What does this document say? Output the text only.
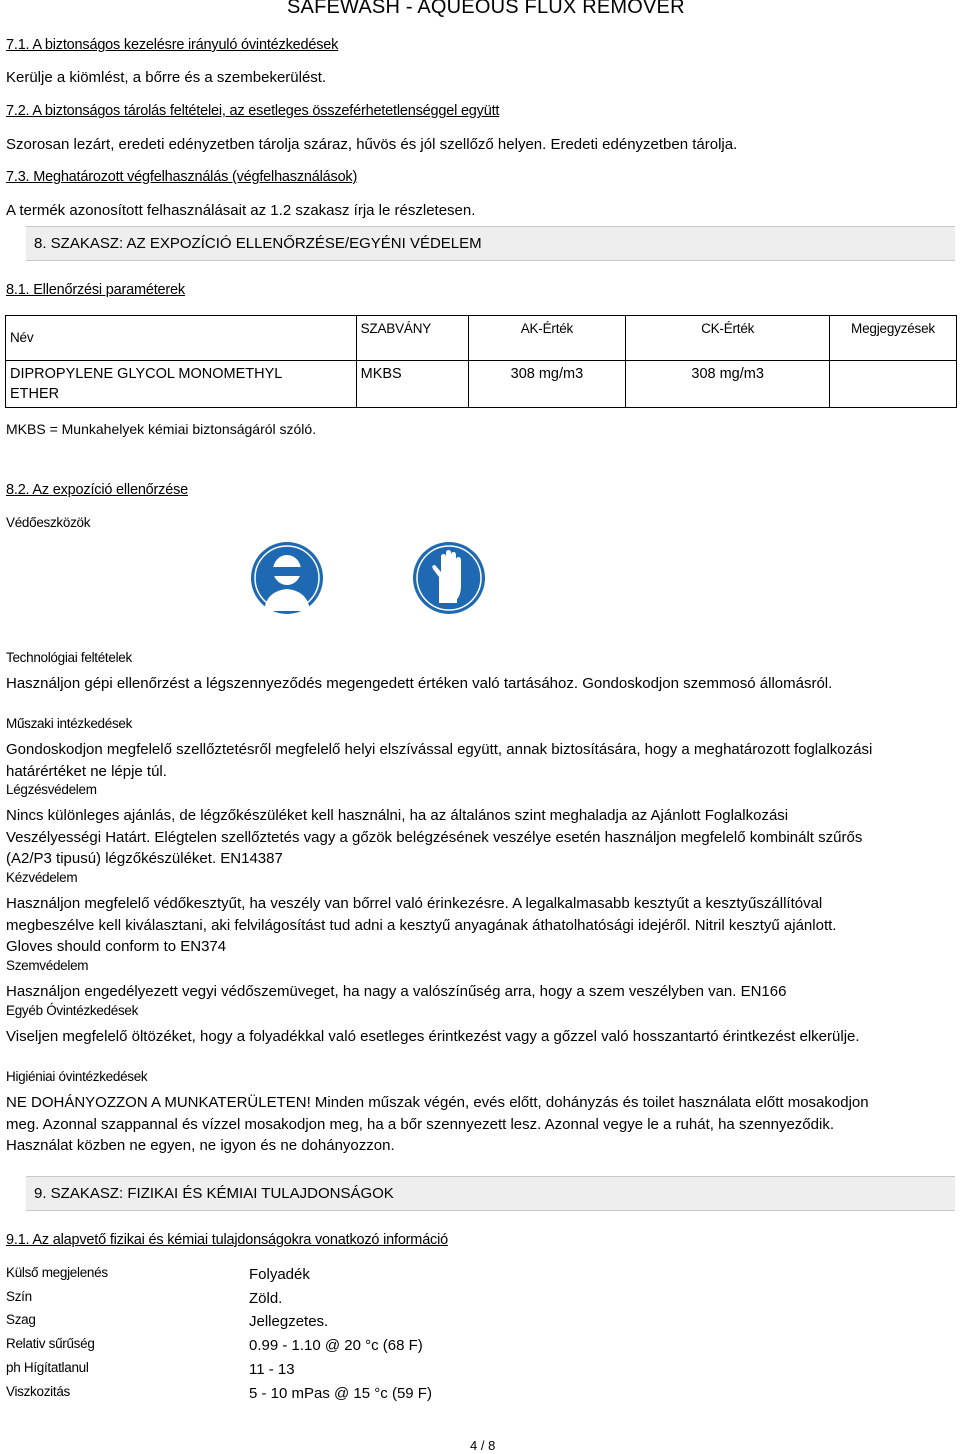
SAFEWASH - AQUEOUS FLUX REMOVER
7.1. A biztonságos kezelésre irányuló óvintézkedések
Kerülje a kiömlést, a bőrre és a szembekerülést.
7.2. A biztonságos tárolás feltételei, az esetleges összeférhetetlenséggel együtt
Szorosan lezárt, eredeti edényzetben tárolja száraz, hűvös és jól szellőző helyen. Eredeti edényzetben tárolja.
7.3. Meghatározott végfelhasználás (végfelhasználások)
A termék azonosított felhasználásait az 1.2 szakasz írja le részletesen.
8. SZAKASZ: AZ EXPOZÍCIÓ ELLENŐRZÉSE/EGYÉNI VÉDELEM
8.1. Ellenőrzési paraméterek
Név	SZABVÁNY	AK-Érték	CK-Érték	Megjegyzések
DIPROPYLENE GLYCOL MONOMETHYL ETHER	MKBS	308 mg/m3	308 mg/m3	
MKBS = Munkahelyek kémiai biztonságáról szóló.
8.2. Az expozíció ellenőrzése
Védőeszközök
Technológiai feltételek
Használjon gépi ellenőrzést a légszennyeződés megengedett értéken való tartásához. Gondoskodjon szemmosó állomásról.
Műszaki intézkedések
Gondoskodjon megfelelő szellőztetésről megfelelő helyi elszívással együtt, annak biztosítására, hogy a meghatározott foglalkozási határértéket ne lépje túl.
Légzésvédelem
Nincs különleges ajánlás, de légzőkészüléket kell használni, ha az általános szint meghaladja az Ajánlott Foglalkozási Veszélyességi Határt. Elégtelen szellőztetés vagy a gőzök belégzésének veszélye esetén használjon megfelelő kombinált szűrős (A2/P3 tipusú) légzőkészüléket. EN14387
Kézvédelem
Használjon megfelelő védőkesztyűt, ha veszély van bőrrel való érinkezésre. A legalkalmasabb kesztyűt a kesztyűszállítóval megbeszélve kell kiválasztani, aki felvilágosítást tud adni a kesztyű anyagának áthatolhatósági idejéről. Nitril kesztyű ajánlott. Gloves should conform to EN374
Szemvédelem
Használjon engedélyezett vegyi védőszemüveget, ha nagy a valószínűség arra, hogy a szem veszélyben van. EN166
Egyéb Óvintézkedések
Viseljen megfelelő öltözéket, hogy a folyadékkal való esetleges érintkezést vagy a gőzzel való hosszantartó érintkezést elkerülje.
Higiéniai óvintézkedések
NE DOHÁNYOZZON A MUNKATERÜLETEN! Minden műszak végén, evés előtt, dohányzás és toilet használata előtt mosakodjon meg. Azonnal szappannal és vízzel mosakodjon meg, ha a bőr szennyezett lesz. Azonnal vegye le a ruhát, ha szennyeződik. Használat közben ne egyen, ne igyon és ne dohányozzon.
9. SZAKASZ: FIZIKAI ÉS KÉMIAI TULAJDONSÁGOK
9.1. Az alapvető fizikai és kémiai tulajdonságokra vonatkozó információ
Külső megjelenés	Folyadék
Szín	Zöld.
Szag	Jellegzetes.
Relativ sűrűség	0.99 - 1.10 @ 20 °c (68 F)
ph Hígítatlanul	11 - 13
Viszkozitás	5 - 10 mPas @ 15 °c (59 F)
4 / 8
